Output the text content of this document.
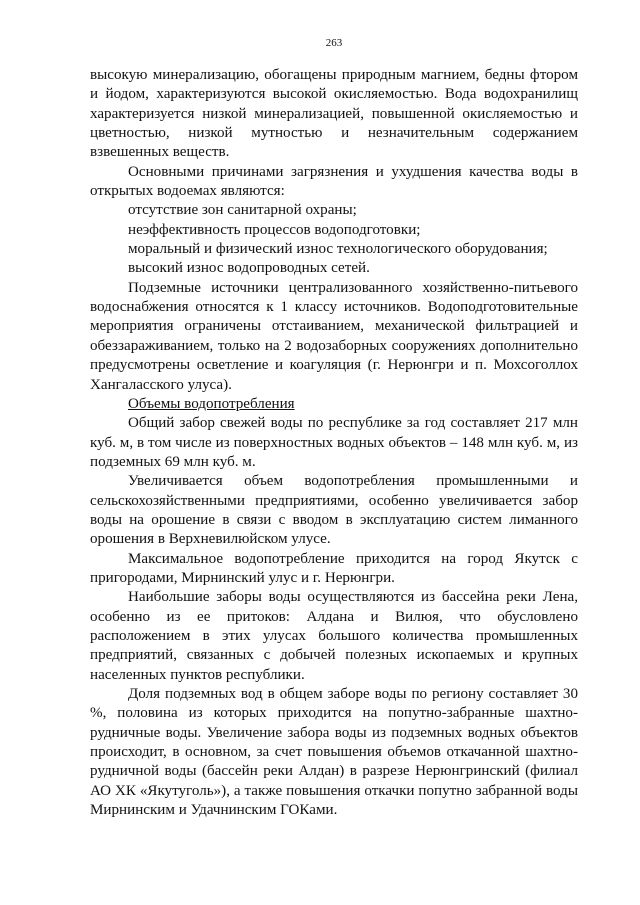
263

высокую минерализацию, обогащены природным магнием, бедны фтором и йодом, характеризуются высокой окисляемостью. Вода водохранилищ характеризуется низкой минерализацией, повышенной окисляемостью и цветностью, низкой мутностью и незначительным содержанием взвешенных веществ.

Основными причинами загрязнения и ухудшения качества воды в открытых водоемах являются:

отсутствие зон санитарной охраны;
неэффективность процессов водоподготовки;
моральный и физический износ технологического оборудования;
высокий износ водопроводных сетей.

Подземные источники централизованного хозяйственно-питьевого водоснабжения относятся к 1 классу источников. Водоподготовительные мероприятия ограничены отстаиванием, механической фильтрацией и обеззараживанием, только на 2 водозаборных сооружениях дополнительно предусмотрены осветление и коагуляция (г. Нерюнгри и п. Мохсоголлох Хангаласского улуса).

Объемы водопотребления

Общий забор свежей воды по республике за год составляет 217 млн куб. м, в том числе из поверхностных водных объектов – 148 млн куб. м, из подземных 69 млн куб. м.

Увеличивается объем водопотребления промышленными и сельскохозяйственными предприятиями, особенно увеличивается забор воды на орошение в связи с вводом в эксплуатацию систем лиманного орошения в Верхневилюйском улусе.

Максимальное водопотребление приходится на город Якутск с пригородами, Мирнинский улус и г. Нерюнгри.

Наибольшие заборы воды осуществляются из бассейна реки Лена, особенно из ее притоков: Алдана и Вилюя, что обусловлено расположением в этих улусах большого количества промышленных предприятий, связанных с добычей полезных ископаемых и крупных населенных пунктов республики.

Доля подземных вод в общем заборе воды по региону составляет 30 %, половина из которых приходится на попутно-забранные шахтно-рудничные воды. Увеличение забора воды из подземных водных объектов происходит, в основном, за счет повышения объемов откачанной шахтно-рудничной воды (бассейн реки Алдан) в разрезе Нерюнгринский (филиал АО ХК «Якутуголь»), а также повышения откачки попутно забранной воды Мирнинским и Удачнинским ГОКами.
